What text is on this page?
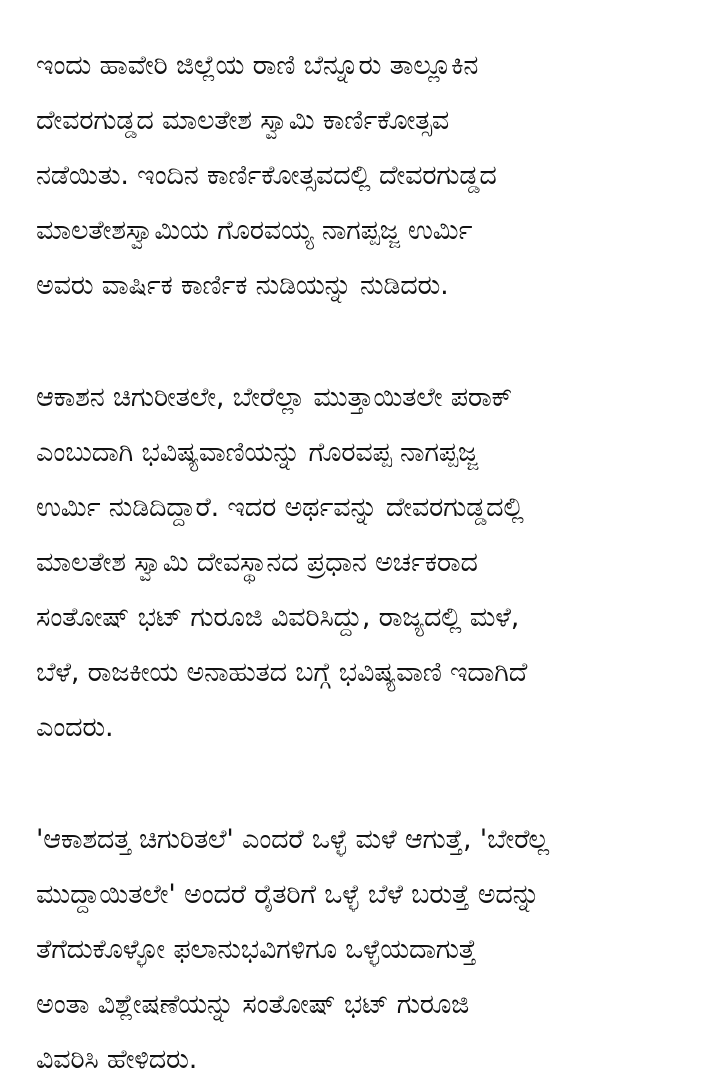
ಇಂದು ಹಾವೇರಿ ಜಿಲ್ಲೆಯ ರಾಣಿ ಬೆನ್ನೂರು ತಾಲ್ಲೂಕಿನ
ದೇವರಗುಡ್ಡದ ಮಾಲತೇಶ ಸ್ವಾಮಿ ಕಾರ್ಣಿಕೋತ್ಸವ
ನಡೆಯಿತು. ಇಂದಿನ ಕಾರ್ಣಿಕೋತ್ಸವದಲ್ಲಿ ದೇವರಗುಡ್ಡದ
ಮಾಲತೇಶಸ್ವಾಮಿಯ ಗೊರವಯ್ಯ ನಾಗಪ್ಪಜ್ಜ ಉರ್ಮಿ
ಅವರು ವಾರ್ಷಿಕ ಕಾರ್ಣಿಕ ನುಡಿಯನ್ನು ನುಡಿದರು.
ಆಕಾಶನ ಚಿಗುರೀತಲೇ, ಬೇರೆಲ್ಲಾ ಮುತ್ತಾಯಿತಲೇ ಪರಾಕ್
ಎಂಬುದಾಗಿ ಭವಿಷ್ಯವಾಣಿಯನ್ನು ಗೊರವಪ್ಪ ನಾಗಪ್ಪಜ್ಜ
ಉರ್ಮಿ ನುಡಿದಿದ್ದಾರೆ. ಇದರ ಅರ್ಥವನ್ನು ದೇವರಗುಡ್ಡದಲ್ಲಿ
ಮಾಲತೇಶ ಸ್ವಾಮಿ ದೇವಸ್ಥಾನದ ಪ್ರಧಾನ ಅರ್ಚಕರಾದ
ಸಂತೋಷ್ ಭಟ್ ಗುರೂಜಿ ವಿವರಿಸಿದ್ದು, ರಾಜ್ಯದಲ್ಲಿ ಮಳೆ,
ಬೆಳೆ, ರಾಜಕೀಯ ಅನಾಹುತದ ಬಗ್ಗೆ ಭವಿಷ್ಯವಾಣಿ ಇದಾಗಿದೆ
ಎಂದರು.
'ಆಕಾಶದತ್ತ ಚಿಗುರಿತಲೆ' ಎಂದರೆ ಒಳ್ಳೆ ಮಳೆ ಆಗುತ್ತೆ, 'ಬೇರೆಲ್ಲ
ಮುದ್ದಾಯಿತಲೇ' ಅಂದರೆ ರೈತರಿಗೆ ಒಳ್ಳೆ ಬೆಳೆ ಬರುತ್ತೆ ಅದನ್ನು
ತೆಗೆದುಕೊಳ್ಳೋ ಫಲಾನುಭವಿಗಳಿಗೂ ಒಳ್ಳೆಯದಾಗುತ್ತೆ
ಅಂತಾ ವಿಶ್ಲೇಷಣೆಯನ್ನು ಸಂತೋಷ್ ಭಟ್ ಗುರೂಜಿ
ವಿವರಿಸಿ ಹೇಳಿದರು.
